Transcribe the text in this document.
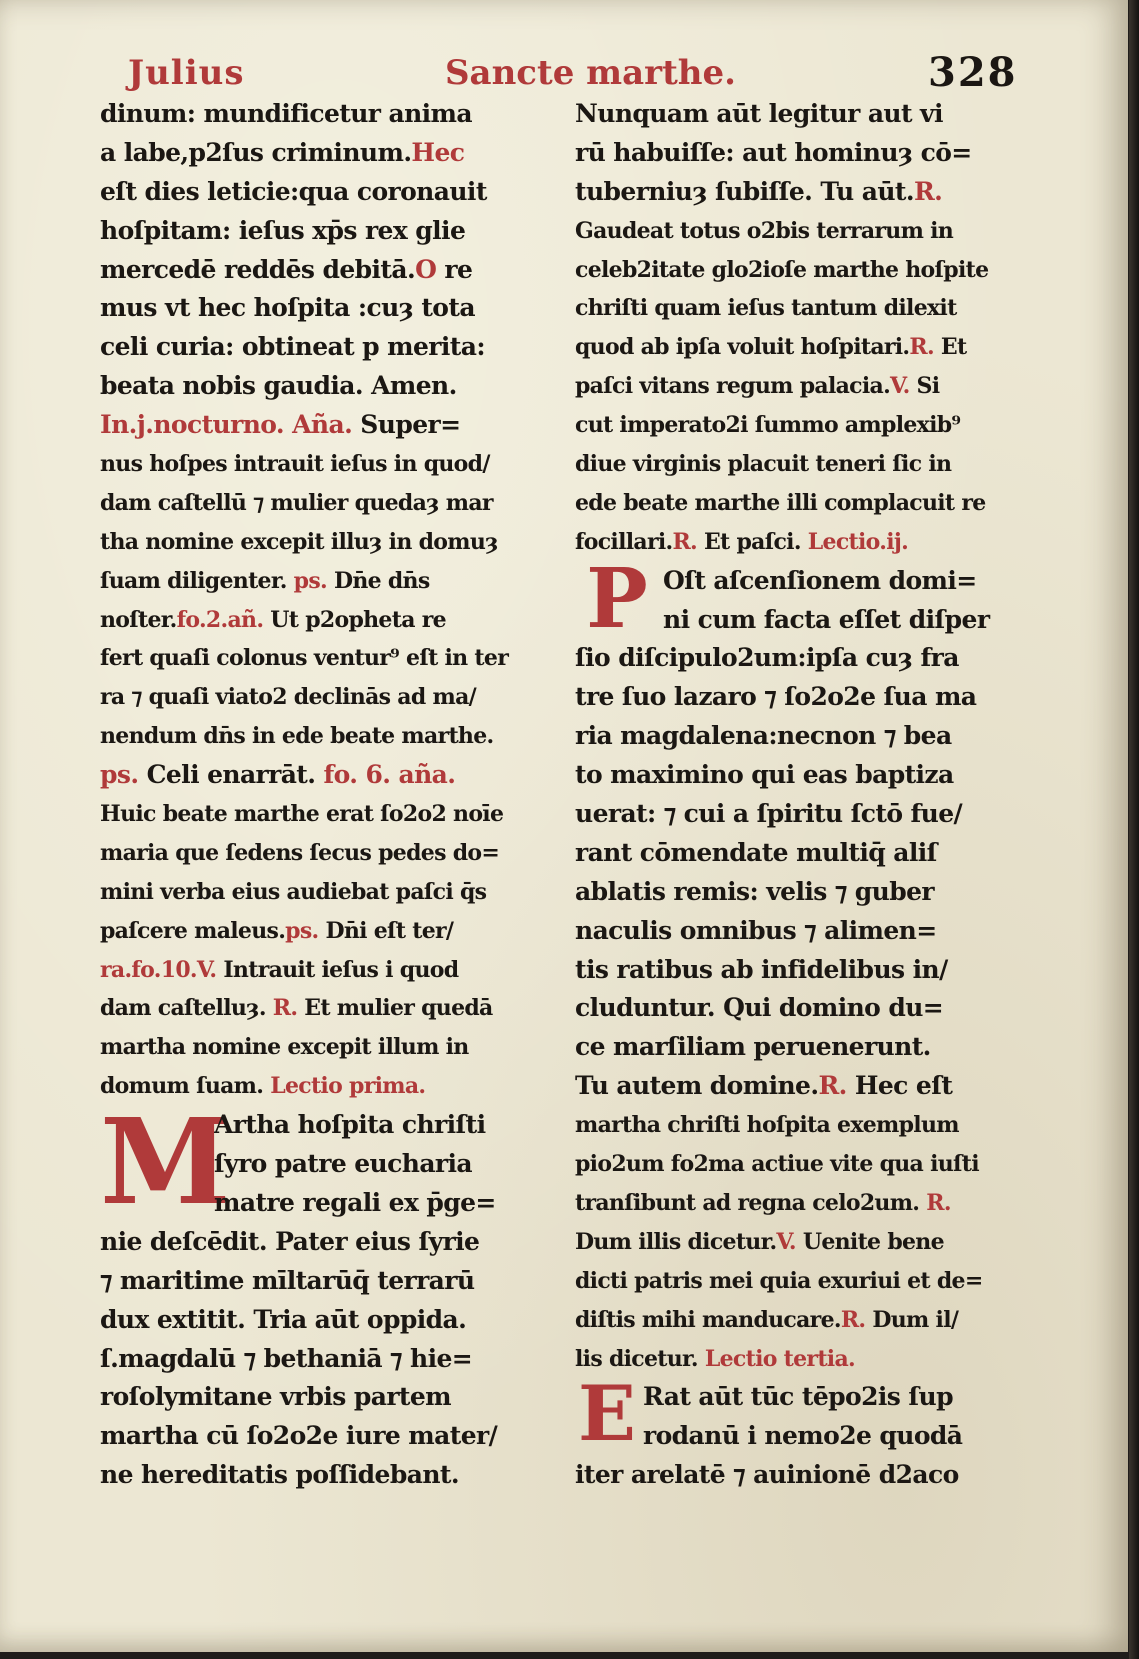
Julius	Sancte marthe.	328
dinum: mundificetur anima
a labe,p2ſus criminum.Hec
eſt dies leticie:qua coronauit
hoſpitam: ieſus xp̄s rex glie
mercedē reddēs debitā.O re
mus vt hec hoſpita :cuȝ tota
celi curia: obtineat p merita:
beata nobis gaudia. Amen.
In.j.nocturno. Aña. Super=
nus hoſpes intrauit ieſus in quod/
dam caſtellū ⁊ mulier quedaȝ mar
tha nomine excepit illuȝ in domuȝ
ſuam diligenter. ps. Dn̄e dn̄s
noſter.fo.2.añ. Ut p2opheta re
fert quaſi colonus ventur⁹ eſt in ter
ra ⁊ quaſi viato2 declinās ad ma/
nendum dn̄s in ede beate marthe.
ps. Celi enarrāt. fo. 6. aña.
Huic beate marthe erat ſo2o2 noīe
maria que ſedens ſecus pedes do=
mini verba eius audiebat paſci q̄s
paſcere maleus.ps. Dn̄i eſt ter/
ra.fo.10.V. Intrauit ieſus i quod
dam caſtelluȝ. R. Et mulier quedā
martha nomine excepit illum in
domum ſuam. Lectio prima.
M
Artha hoſpita chriſti
ſyro patre eucharia
matre regali ex p̄ge=
nie deſcēdit. Pater eius ſyrie
⁊ maritime mīltarūq̄ terrarū
dux extitit. Tria aūt oppida.
ſ.magdalū ⁊ bethaniā ⁊ hie=
roſolymitane vrbis partem
martha cū ſo2o2e iure mater/
ne hereditatis poſſidebant.
Nunquam aūt legitur aut vi
rū habuiſſe: aut hominuȝ cō=
tuberniuȝ ſubiſſe. Tu aūt.R.
Gaudeat totus o2bis terrarum in
celeb2itate glo2ioſe marthe hoſpite
chriſti quam ieſus tantum dilexit
quod ab ipſa voluit hoſpitari.R. Et
paſci vitans regum palacia.V. Si
cut imperato2i ſummo amplexib⁹
diue virginis placuit teneri ſic in
ede beate marthe illi complacuit re
focillari.R. Et paſci. Lectio.ij.
P Oſt aſcenſionem domi=
ni cum facta eſſet diſper
ſio diſcipulo2um:ipſa cuȝ fra
tre ſuo lazaro ⁊ ſo2o2e ſua ma
ria magdalena:necnon ⁊ bea
to maximino qui eas baptiza
uerat: ⁊ cui a ſpiritu ſctō fue/
rant cōmendate multiq̄ aliſ
ablatis remis: velis ⁊ guber
naculis omnibus ⁊ alimen=
tis ratibus ab infidelibus in/
cluduntur. Qui domino du=
ce marſiliam peruenerunt.
Tu autem domine.R. Hec eſt
martha chriſti hoſpita exemplum
pio2um fo2ma actiue vite qua iuſti
tranſibunt ad regna celo2um. R.
Dum illis dicetur.V. Uenite bene
dicti patris mei quia exuriui et de=
diſtis mihi manducare.R. Dum il/
lis dicetur. Lectio tertia.
E Rat aūt tūc tēpo2is ſup
rodanū i nemo2e quodā
iter arelatē ⁊ auinionē d2aco
